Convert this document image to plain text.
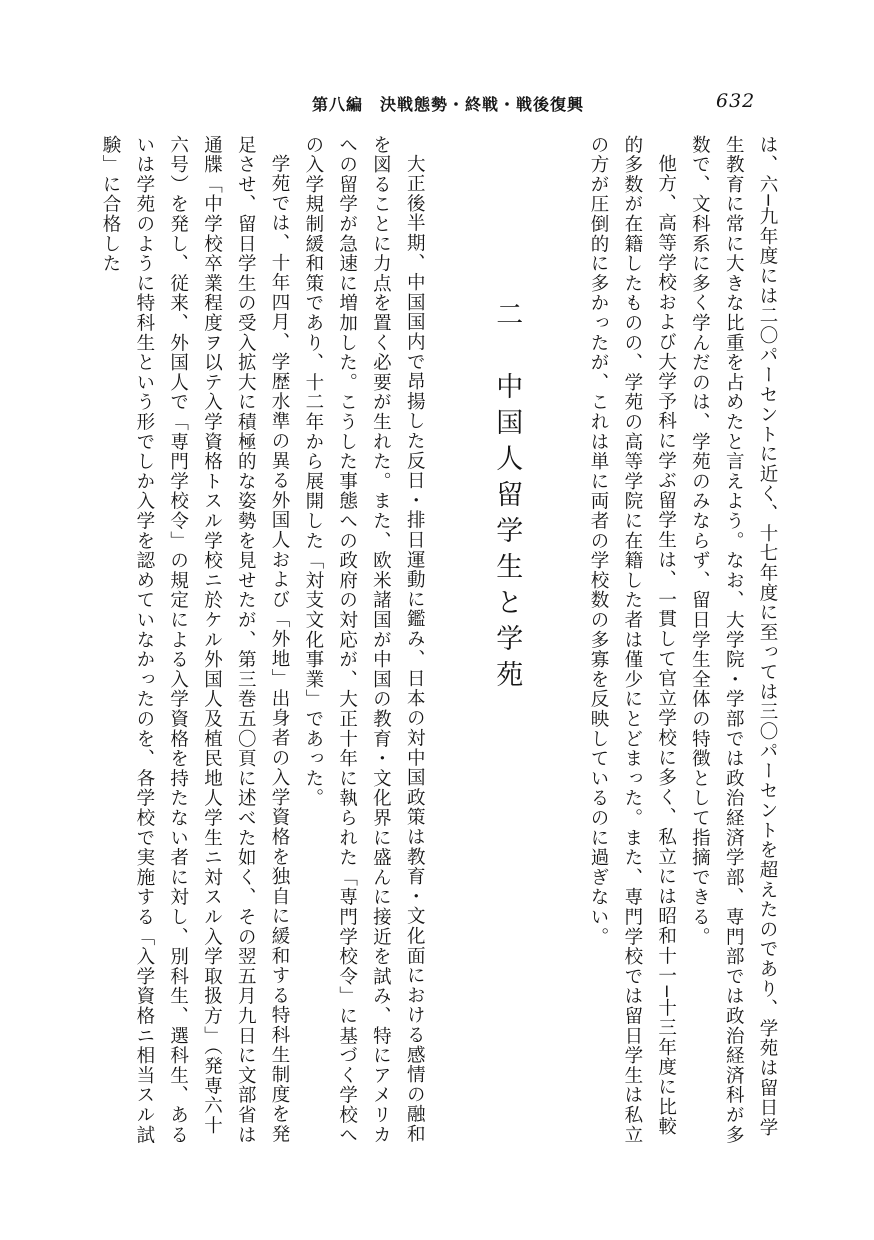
第八編　決戦態勢・終戦・戦後復興	632

は、六─九年度には二〇パーセントに近く、十七年度に至っては三〇パーセントを超えたのであり、学苑は留日学生教育に常に大きな比重を占めたと言えよう。なお、大学院・学部では政治経済学部、専門部では政治経済科が多数で、文科系に多く学んだのは、学苑のみならず、留日学生全体の特徴として指摘できる。

他方、高等学校および大学予科に学ぶ留学生は、一貫して官立学校に多く、私立には昭和十一─十三年度に比較的多数が在籍したものの、学苑の高等学院に在籍した者は僅少にとどまった。また、専門学校では留日学生は私立の方が圧倒的に多かったが、これは単に両者の学校数の多寡を反映しているのに過ぎない。

二　中国人留学生と学苑

大正後半期、中国国内で昂揚した反日・排日運動に鑑み、日本の対中国政策は教育・文化面における感情の融和を図ることに力点を置く必要が生れた。また、欧米諸国が中国の教育・文化界に盛んに接近を試み、特にアメリカへの留学が急速に増加した。こうした事態への政府の対応が、大正十年に執られた「専門学校令」に基づく学校への入学規制緩和策であり、十二年から展開した「対支文化事業」であった。

学苑では、十年四月、学歴水準の異る外国人および「外地」出身者の入学資格を独自に緩和する特科生制度を発足させ、留日学生の受入拡大に積極的な姿勢を見せたが、第三巻五〇頁に述べた如く、その翌五月九日に文部省は通牒「中学校卒業程度ヲ以テ入学資格トスル学校ニ於ケル外国人及植民地人学生ニ対スル入学取扱方」（発専六十六号）を発し、従来、外国人で「専門学校令」の規定による入学資格を持たない者に対し、別科生、選科生、あるいは学苑のように特科生という形でしか入学を認めていなかったのを、各学校で実施する「入学資格ニ相当スル試験」に合格した
